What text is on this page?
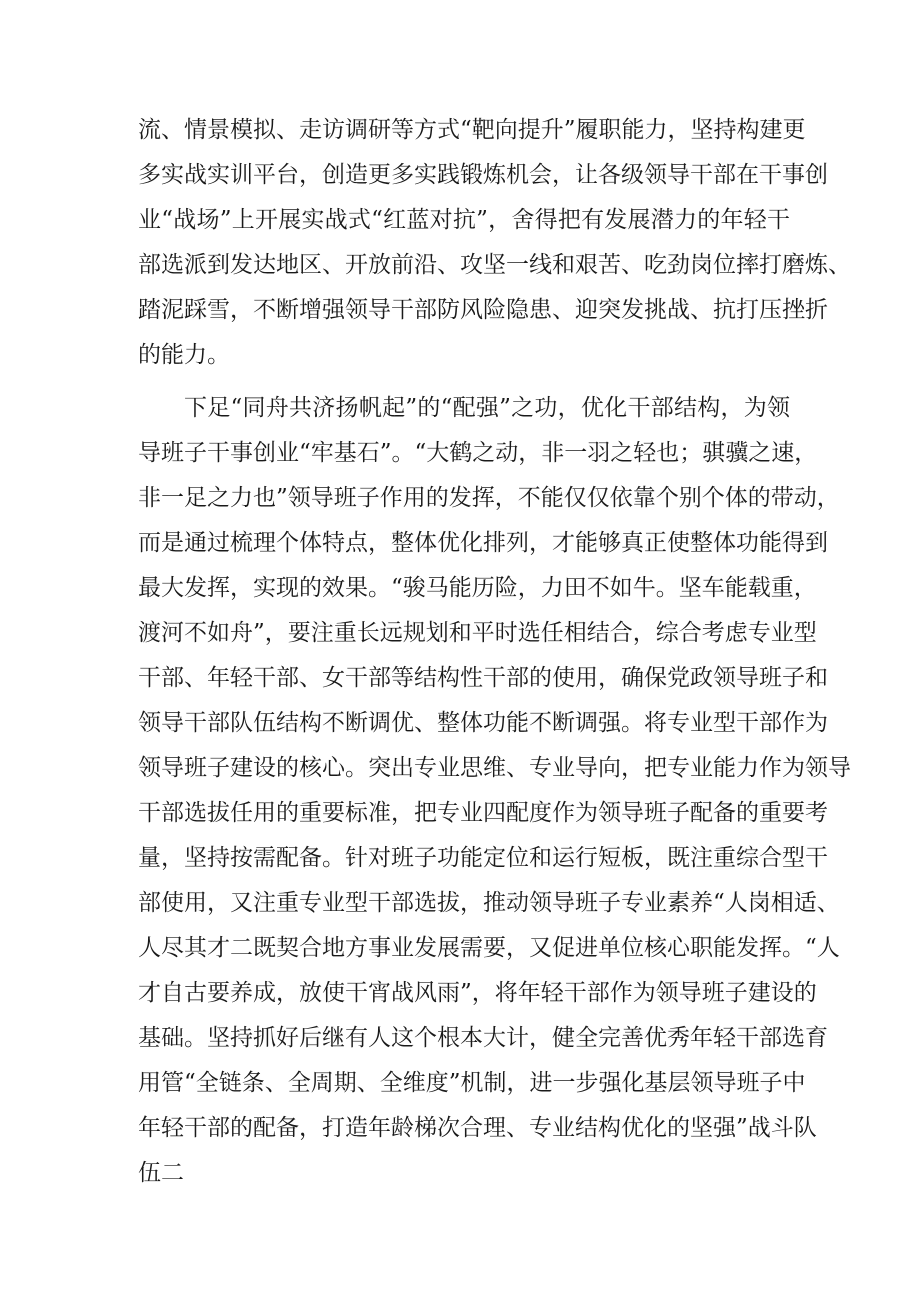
流、情景模拟、走访调研等方式“靶向提升”履职能力，坚持构建更
多实战实训平台，创造更多实践锻炼机会，让各级领导干部在干事创
业“战场”上开展实战式“红蓝对抗”，舍得把有发展潜力的年轻干
部选派到发达地区、开放前沿、攻坚一线和艰苦、吃劲岗位摔打磨炼、
踏泥踩雪，不断增强领导干部防风险隐患、迎突发挑战、抗打压挫折
的能力。
下足“同舟共济扬帆起”的“配强”之功，优化干部结构，为领
导班子干事创业“牢基石”。“大鹤之动，非一羽之轻也；骐骥之速，
非一足之力也”领导班子作用的发挥，不能仅仅依靠个别个体的带动，
而是通过梳理个体特点，整体优化排列，才能够真正使整体功能得到
最大发挥，实现的效果。“骏马能历险，力田不如牛。坚车能载重，
渡河不如舟”，要注重长远规划和平时选任相结合，综合考虑专业型
干部、年轻干部、女干部等结构性干部的使用，确保党政领导班子和
领导干部队伍结构不断调优、整体功能不断调强。将专业型干部作为
领导班子建设的核心。突出专业思维、专业导向，把专业能力作为领导
干部选拔任用的重要标准，把专业四配度作为领导班子配备的重要考
量，坚持按需配备。针对班子功能定位和运行短板，既注重综合型干
部使用，又注重专业型干部选拔，推动领导班子专业素养“人岗相适、
人尽其才二既契合地方事业发展需要，又促进单位核心职能发挥。“人
才自古要养成，放使干宵战风雨”，将年轻干部作为领导班子建设的
基础。坚持抓好后继有人这个根本大计，健全完善优秀年轻干部选育
用管“全链条、全周期、全维度”机制，进一步强化基层领导班子中
年轻干部的配备，打造年龄梯次合理、专业结构优化的坚强”战斗队
伍二
